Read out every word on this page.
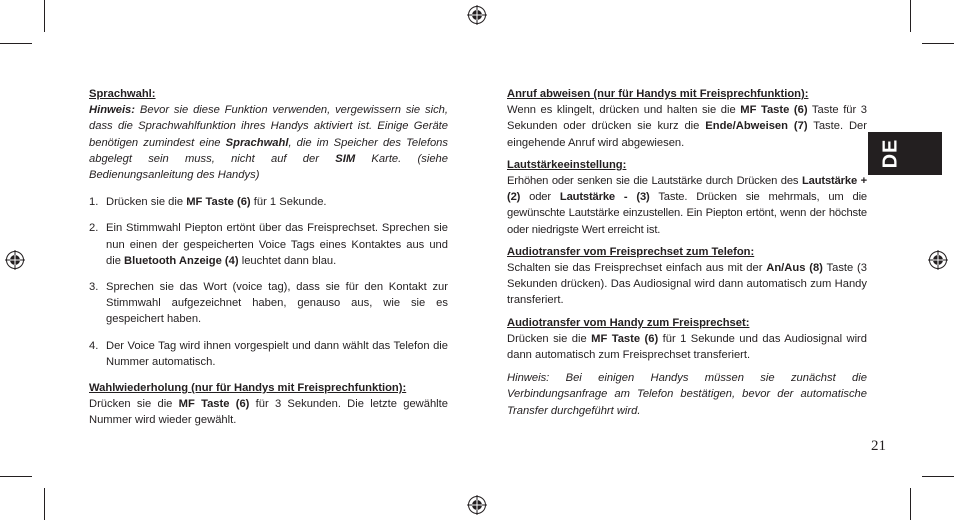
Sprachwahl:

Hinweis: Bevor sie diese Funktion verwenden, vergewissern sie sich, dass die Sprachwahlfunktion ihres Handys aktiviert ist. Einige Geräte benötigen zumindest eine Sprachwahl, die im Speicher des Telefons abgelegt sein muss, nicht auf der SIM Karte. (siehe Bedienungsanleitung des Handys)

1. Drücken sie die MF Taste (6) für 1 Sekunde.
2. Ein Stimmwahl Piepton ertönt über das Freisprechset. Sprechen sie nun einen der gespeicherten Voice Tags eines Kontaktes aus und die Bluetooth Anzeige (4) leuchtet dann blau.
3. Sprechen sie das Wort (voice tag), dass sie für den Kontakt zur Stimmwahl aufgezeichnet haben, genauso aus, wie sie es gespeichert haben.
4. Der Voice Tag wird ihnen vorgespielt und dann wählt das Telefon die Nummer automatisch.

Wahlwiederholung (nur für Handys mit Freisprechfunktion):

Drücken sie die MF Taste (6) für 3 Sekunden. Die letzte gewählte Nummer wird wieder gewählt.

Anruf abweisen (nur für Handys mit Freisprechfunktion):

Wenn es klingelt, drücken und halten sie die MF Taste (6) Taste für 3 Sekunden oder drücken sie kurz die Ende/Abweisen (7) Taste. Der eingehende Anruf wird abgewiesen.

Lautstärkeeinstellung:

Erhöhen oder senken sie die Lautstärke durch Drücken des Lautstärke + (2) oder Lautstärke - (3) Taste. Drücken sie mehrmals, um die gewünschte Lautstärke einzustellen. Ein Piepton ertönt, wenn der höchste oder niedrigste Wert erreicht ist.

Audiotransfer vom Freisprechset zum Telefon:

Schalten sie das Freisprechset einfach aus mit der An/Aus (8) Taste (3 Sekunden drücken). Das Audiosignal wird dann automatisch zum Handy transferiert.

Audiotransfer vom Handy zum Freisprechset:

Drücken sie die MF Taste (6) für 1 Sekunde und das Audiosignal wird dann automatisch zum Freisprechset transferiert.

Hinweis: Bei einigen Handys müssen sie zunächst die Verbindungsanfrage am Telefon bestätigen, bevor der automatische Transfer durchgeführt wird.

DE
21
